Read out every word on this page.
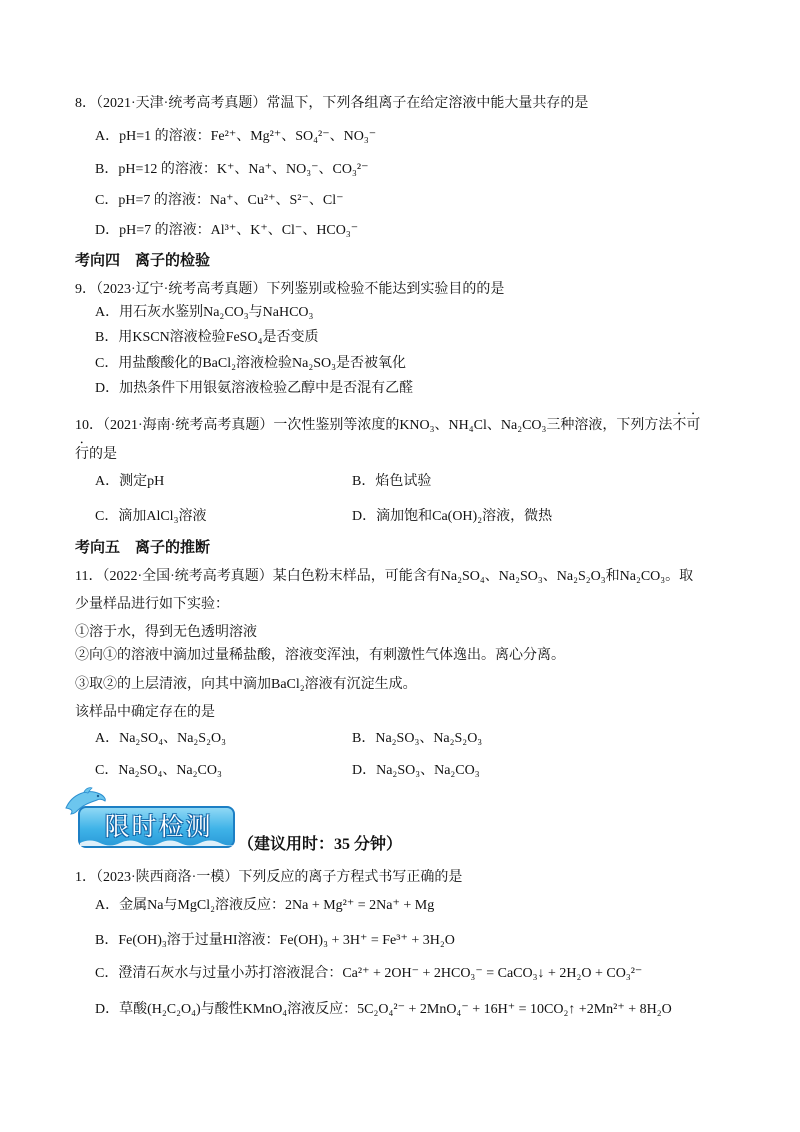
8．（2021·天津·统考高考真题）常温下，下列各组离子在给定溶液中能大量共存的是
A．pH=1 的溶液：Fe²⁺、Mg²⁺、SO₄²⁻、NO₃⁻
B．pH=12 的溶液：K⁺、Na⁺、NO₃⁻、CO₃²⁻
C．pH=7 的溶液：Na⁺、Cu²⁺、S²⁻、Cl⁻
D．pH=7 的溶液：Al³⁺、K⁺、Cl⁻、HCO₃⁻
考向四　离子的检验
9．（2023·辽宁·统考高考真题）下列鉴别或检验不能达到实验目的的是
A．用石灰水鉴别Na₂CO₃与NaHCO₃
B．用KSCN溶液检验FeSO₄是否变质
C．用盐酸酸化的BaCl₂溶液检验Na₂SO₃是否被氧化
D．加热条件下用银氨溶液检验乙醇中是否混有乙醛
10．（2021·海南·统考高考真题）一次性鉴别等浓度的KNO₃、NH₄Cl、Na₂CO₃三种溶液，下列方法不可
行的是
A．测定pH	B．焰色试验
C．滴加AlCl₃溶液	D．滴加饱和Ca(OH)₂溶液，微热
考向五　离子的推断
11．（2022·全国·统考高考真题）某白色粉末样品，可能含有Na₂SO₄、Na₂SO₃、Na₂S₂O₃和Na₂CO₃。取
少量样品进行如下实验：
①溶于水，得到无色透明溶液
②向①的溶液中滴加过量稀盐酸，溶液变浑浊，有刺激性气体逸出。离心分离。
③取②的上层清液，向其中滴加BaCl₂溶液有沉淀生成。
该样品中确定存在的是
A．Na₂SO₄、Na₂S₂O₃	B．Na₂SO₃、Na₂S₂O₃
C．Na₂SO₄、Na₂CO₃	D．Na₂SO₃、Na₂CO₃
限时检测
（建议用时：35 分钟）
1．（2023·陕西商洛·一模）下列反应的离子方程式书写正确的是
A．金属Na与MgCl₂溶液反应：2Na + Mg²⁺ = 2Na⁺ + Mg
B．Fe(OH)₃溶于过量HI溶液：Fe(OH)₃ + 3H⁺ = Fe³⁺ + 3H₂O
C．澄清石灰水与过量小苏打溶液混合：Ca²⁺ + 2OH⁻ + 2HCO₃⁻ = CaCO₃↓ + 2H₂O + CO₃²⁻
D．草酸(H₂C₂O₄)与酸性KMnO₄溶液反应：5C₂O₄²⁻ + 2MnO₄⁻ + 16H⁺ = 10CO₂↑ +2Mn²⁺ + 8H₂O
